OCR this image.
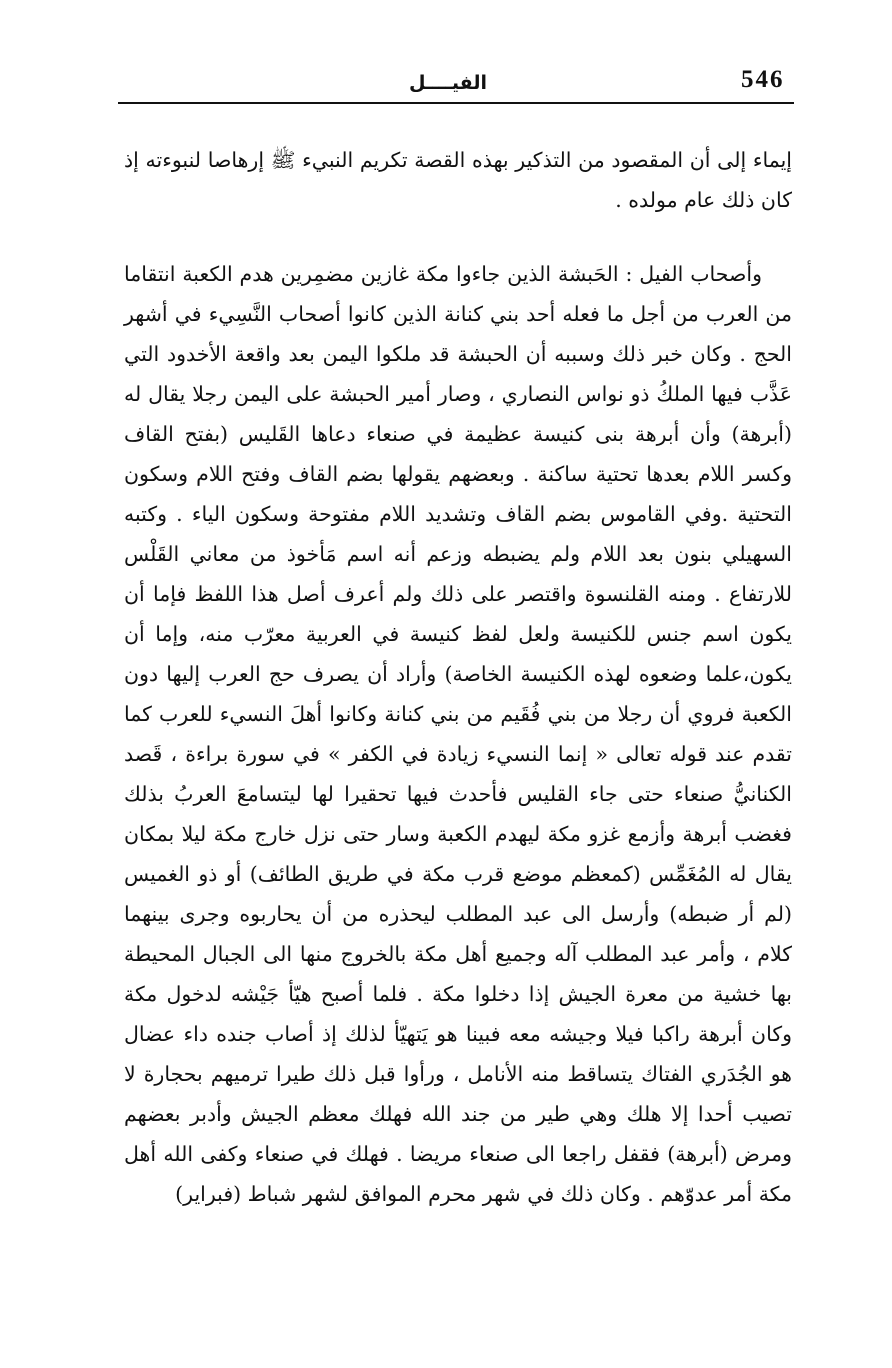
546
الفيــــل

إيماء إلى أن المقصود من التذكير بهذه القصة تكريم النبيء ﷺ إرهاصا لنبوءته إذ كان ذلك عام مولده .

وأصحاب الفيل : الحَبشة الذين جاءوا مكة غازين مضمِرين هدم الكعبة انتقاما من العرب من أجل ما فعله أحد بني كنانة الذين كانوا أصحاب النَّسِيء في أشهر الحج . وكان خبر ذلك وسببه أن الحبشة قد ملكوا اليمن بعد واقعة الأخدود التي عَذَّب فيها الملكُ ذو نواس النصاري ، وصار أمير الحبشة على اليمن رجلا يقال له (أبرهة) وأن أبرهة بنى كنيسة عظيمة في صنعاء دعاها القَليس (بفتح القاف وكسر اللام بعدها تحتية ساكنة . وبعضهم يقولها بضم القاف وفتح اللام وسكون التحتية .وفي القاموس بضم القاف وتشديد اللام مفتوحة وسكون الياء . وكتبه السهيلي بنون بعد اللام ولم يضبطه وزعم أنه اسم مَأخوذ من معاني القَلْس للارتفاع . ومنه القلنسوة واقتصر على ذلك ولم أعرف أصل هذا اللفظ فإما أن يكون اسم جنس للكنيسة ولعل لفظ كنيسة في العربية معرّب منه، وإما أن يكون،علما وضعوه لهذه الكنيسة الخاصة) وأراد أن يصرف حج العرب إليها دون الكعبة فروي أن رجلا من بني فُقَيم من بني كنانة وكانوا أهلَ النسيء للعرب كما تقدم عند قوله تعالى « إنما النسيء زيادة في الكفر » في سورة براءة ، قَصد الكنانيُّ صنعاء حتى جاء القليس فأحدث فيها تحقيرا لها ليتسامعَ العربُ بذلك فغضب أبرهة وأزمع غزو مكة ليهدم الكعبة وسار حتى نزل خارج مكة ليلا بمكان يقال له المُغَمِّس (كمعظم موضع قرب مكة في طريق الطائف) أو ذو الغميس (لم أر ضبطه) وأرسل الى عبد المطلب ليحذره من أن يحاربوه وجرى بينهما كلام ، وأمر عبد المطلب آله وجميع أهل مكة بالخروج منها الى الجبال المحيطة بها خشية من معرة الجيش إذا دخلوا مكة . فلما أصبح هيّأ جَيْشه لدخول مكة وكان أبرهة راكبا فيلا وجيشه معه فبينا هو يَتهيّأ لذلك إذ أصاب جنده داء عضال هو الجُدَري الفتاك يتساقط منه الأنامل ، ورأوا قبل ذلك طيرا ترميهم بحجارة لا تصيب أحدا إلا هلك وهي طير من جند الله فهلك معظم الجيش وأدبر بعضهم ومرض (أبرهة) فقفل راجعا الى صنعاء مريضا . فهلك في صنعاء وكفى الله أهل مكة أمر عدوّهم . وكان ذلك في شهر محرم الموافق لشهر شباط (فبراير)
